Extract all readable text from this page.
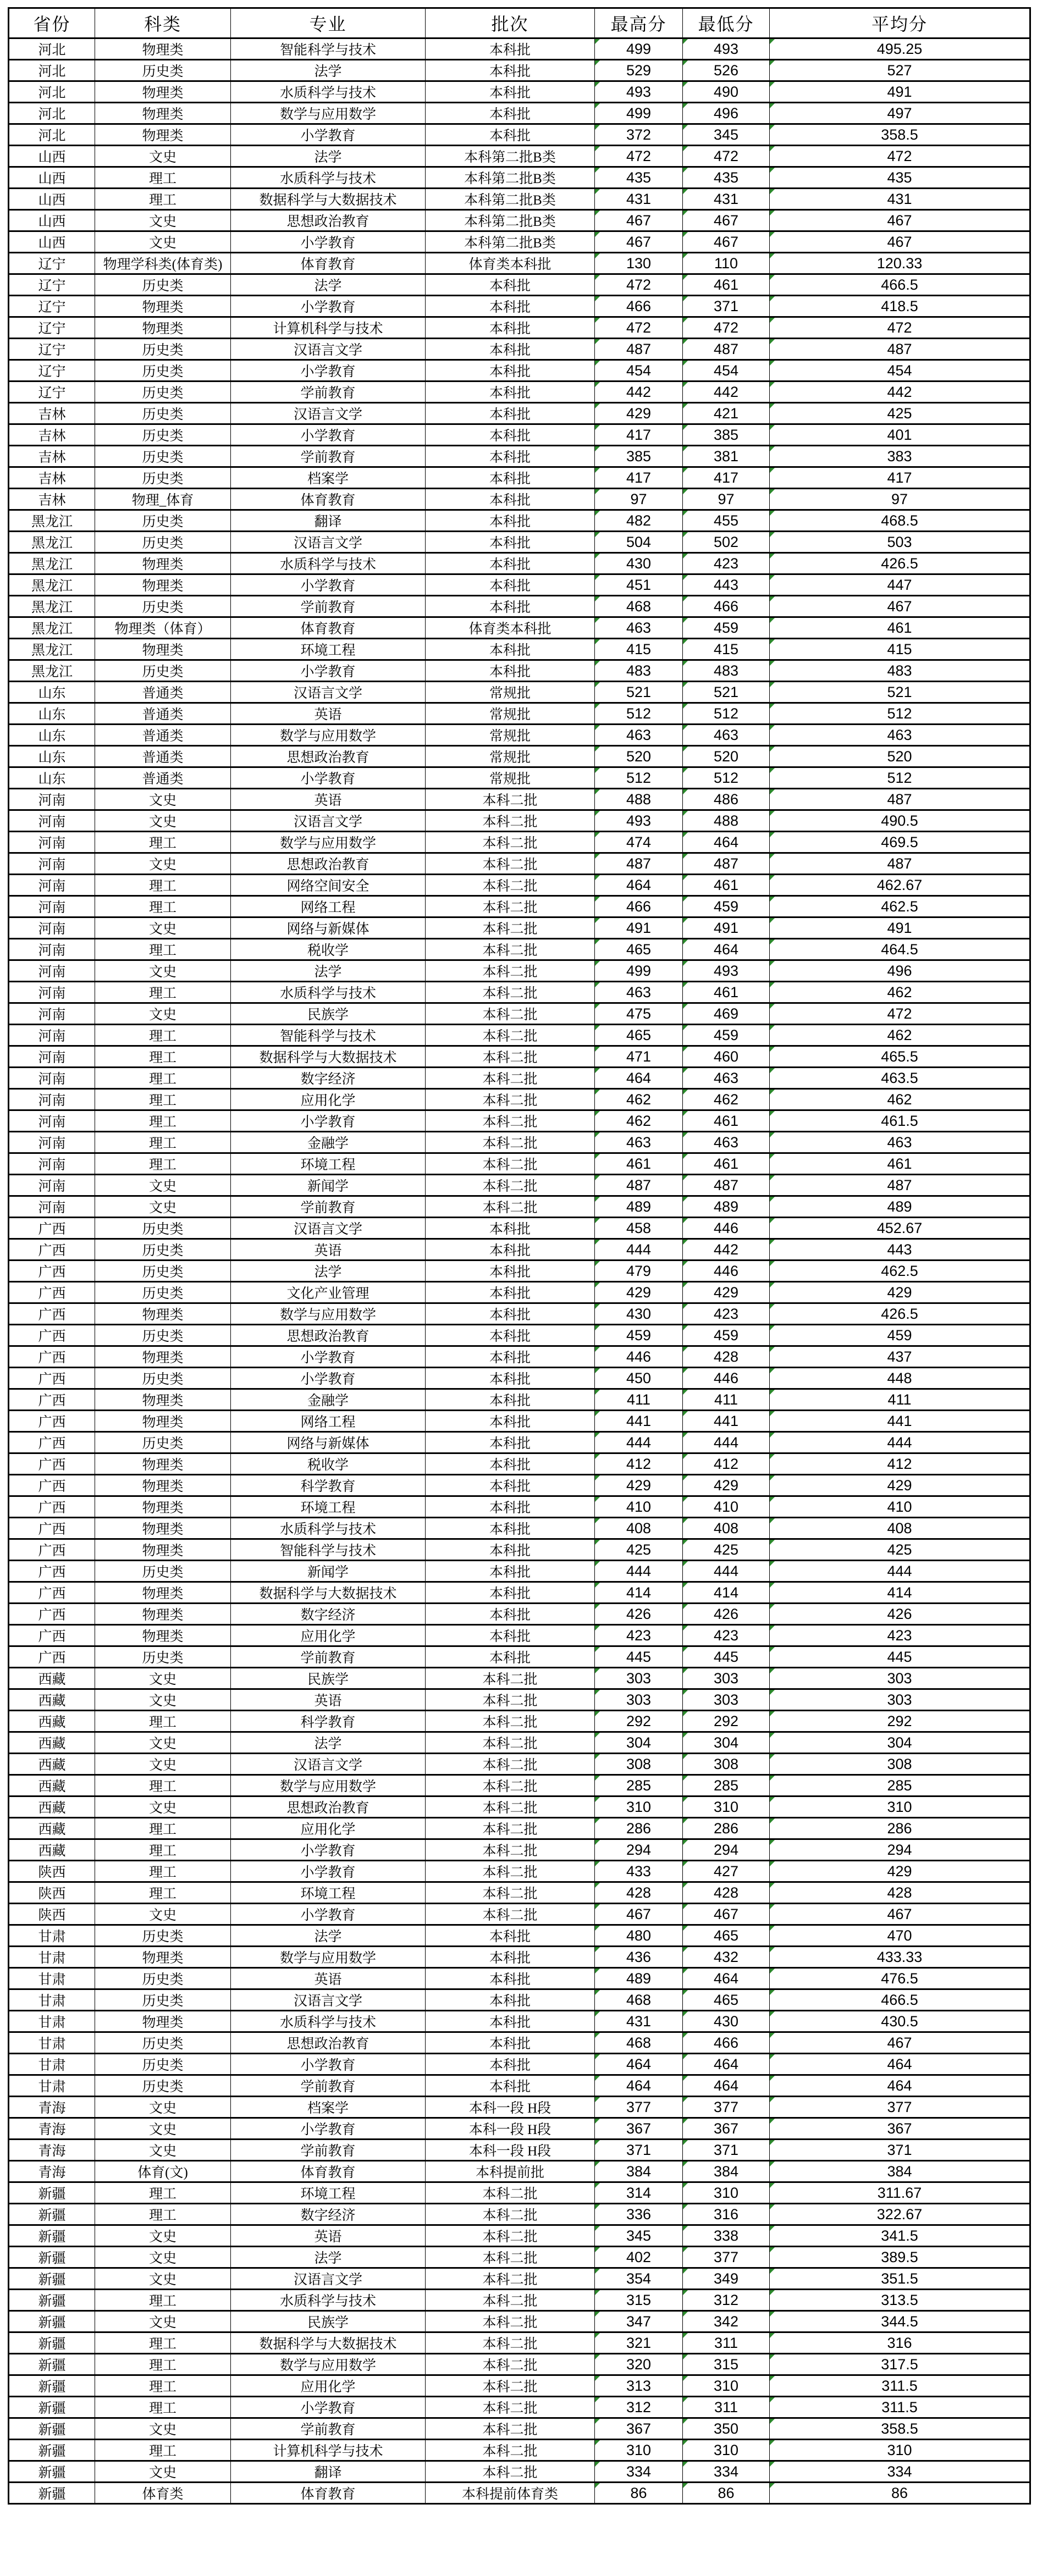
省份	科类	专业	批次	最高分	最低分	平均分
河北	物理类	智能科学与技术	本科批	499	493	495.25
河北	历史类	法学	本科批	529	526	527
河北	物理类	水质科学与技术	本科批	493	490	491
河北	物理类	数学与应用数学	本科批	499	496	497
河北	物理类	小学教育	本科批	372	345	358.5
山西	文史	法学	本科第二批B类	472	472	472
山西	理工	水质科学与技术	本科第二批B类	435	435	435
山西	理工	数据科学与大数据技术	本科第二批B类	431	431	431
山西	文史	思想政治教育	本科第二批B类	467	467	467
山西	文史	小学教育	本科第二批B类	467	467	467
辽宁	物理学科类(体育类)	体育教育	体育类本科批	130	110	120.33
辽宁	历史类	法学	本科批	472	461	466.5
辽宁	物理类	小学教育	本科批	466	371	418.5
辽宁	物理类	计算机科学与技术	本科批	472	472	472
辽宁	历史类	汉语言文学	本科批	487	487	487
辽宁	历史类	小学教育	本科批	454	454	454
辽宁	历史类	学前教育	本科批	442	442	442
吉林	历史类	汉语言文学	本科批	429	421	425
吉林	历史类	小学教育	本科批	417	385	401
吉林	历史类	学前教育	本科批	385	381	383
吉林	历史类	档案学	本科批	417	417	417
吉林	物理_体育	体育教育	本科批	97	97	97
黑龙江	历史类	翻译	本科批	482	455	468.5
黑龙江	历史类	汉语言文学	本科批	504	502	503
黑龙江	物理类	水质科学与技术	本科批	430	423	426.5
黑龙江	物理类	小学教育	本科批	451	443	447
黑龙江	历史类	学前教育	本科批	468	466	467
黑龙江	物理类（体育）	体育教育	体育类本科批	463	459	461
黑龙江	物理类	环境工程	本科批	415	415	415
黑龙江	历史类	小学教育	本科批	483	483	483
山东	普通类	汉语言文学	常规批	521	521	521
山东	普通类	英语	常规批	512	512	512
山东	普通类	数学与应用数学	常规批	463	463	463
山东	普通类	思想政治教育	常规批	520	520	520
山东	普通类	小学教育	常规批	512	512	512
河南	文史	英语	本科二批	488	486	487
河南	文史	汉语言文学	本科二批	493	488	490.5
河南	理工	数学与应用数学	本科二批	474	464	469.5
河南	文史	思想政治教育	本科二批	487	487	487
河南	理工	网络空间安全	本科二批	464	461	462.67
河南	理工	网络工程	本科二批	466	459	462.5
河南	文史	网络与新媒体	本科二批	491	491	491
河南	理工	税收学	本科二批	465	464	464.5
河南	文史	法学	本科二批	499	493	496
河南	理工	水质科学与技术	本科二批	463	461	462
河南	文史	民族学	本科二批	475	469	472
河南	理工	智能科学与技术	本科二批	465	459	462
河南	理工	数据科学与大数据技术	本科二批	471	460	465.5
河南	理工	数字经济	本科二批	464	463	463.5
河南	理工	应用化学	本科二批	462	462	462
河南	理工	小学教育	本科二批	462	461	461.5
河南	理工	金融学	本科二批	463	463	463
河南	理工	环境工程	本科二批	461	461	461
河南	文史	新闻学	本科二批	487	487	487
河南	文史	学前教育	本科二批	489	489	489
广西	历史类	汉语言文学	本科批	458	446	452.67
广西	历史类	英语	本科批	444	442	443
广西	历史类	法学	本科批	479	446	462.5
广西	历史类	文化产业管理	本科批	429	429	429
广西	物理类	数学与应用数学	本科批	430	423	426.5
广西	历史类	思想政治教育	本科批	459	459	459
广西	物理类	小学教育	本科批	446	428	437
广西	历史类	小学教育	本科批	450	446	448
广西	物理类	金融学	本科批	411	411	411
广西	物理类	网络工程	本科批	441	441	441
广西	历史类	网络与新媒体	本科批	444	444	444
广西	物理类	税收学	本科批	412	412	412
广西	物理类	科学教育	本科批	429	429	429
广西	物理类	环境工程	本科批	410	410	410
广西	物理类	水质科学与技术	本科批	408	408	408
广西	物理类	智能科学与技术	本科批	425	425	425
广西	历史类	新闻学	本科批	444	444	444
广西	物理类	数据科学与大数据技术	本科批	414	414	414
广西	物理类	数字经济	本科批	426	426	426
广西	物理类	应用化学	本科批	423	423	423
广西	历史类	学前教育	本科批	445	445	445
西藏	文史	民族学	本科二批	303	303	303
西藏	文史	英语	本科二批	303	303	303
西藏	理工	科学教育	本科二批	292	292	292
西藏	文史	法学	本科二批	304	304	304
西藏	文史	汉语言文学	本科二批	308	308	308
西藏	理工	数学与应用数学	本科二批	285	285	285
西藏	文史	思想政治教育	本科二批	310	310	310
西藏	理工	应用化学	本科二批	286	286	286
西藏	理工	小学教育	本科二批	294	294	294
陕西	理工	小学教育	本科二批	433	427	429
陕西	理工	环境工程	本科二批	428	428	428
陕西	文史	小学教育	本科二批	467	467	467
甘肃	历史类	法学	本科批	480	465	470
甘肃	物理类	数学与应用数学	本科批	436	432	433.33
甘肃	历史类	英语	本科批	489	464	476.5
甘肃	历史类	汉语言文学	本科批	468	465	466.5
甘肃	物理类	水质科学与技术	本科批	431	430	430.5
甘肃	历史类	思想政治教育	本科批	468	466	467
甘肃	历史类	小学教育	本科批	464	464	464
甘肃	历史类	学前教育	本科批	464	464	464
青海	文史	档案学	本科一段 H段	377	377	377
青海	文史	小学教育	本科一段 H段	367	367	367
青海	文史	学前教育	本科一段 H段	371	371	371
青海	体育(文)	体育教育	本科提前批	384	384	384
新疆	理工	环境工程	本科二批	314	310	311.67
新疆	理工	数字经济	本科二批	336	316	322.67
新疆	文史	英语	本科二批	345	338	341.5
新疆	文史	法学	本科二批	402	377	389.5
新疆	文史	汉语言文学	本科二批	354	349	351.5
新疆	理工	水质科学与技术	本科二批	315	312	313.5
新疆	文史	民族学	本科二批	347	342	344.5
新疆	理工	数据科学与大数据技术	本科二批	321	311	316
新疆	理工	数学与应用数学	本科二批	320	315	317.5
新疆	理工	应用化学	本科二批	313	310	311.5
新疆	理工	小学教育	本科二批	312	311	311.5
新疆	文史	学前教育	本科二批	367	350	358.5
新疆	理工	计算机科学与技术	本科二批	310	310	310
新疆	文史	翻译	本科二批	334	334	334
新疆	体育类	体育教育	本科提前体育类	86	86	86
